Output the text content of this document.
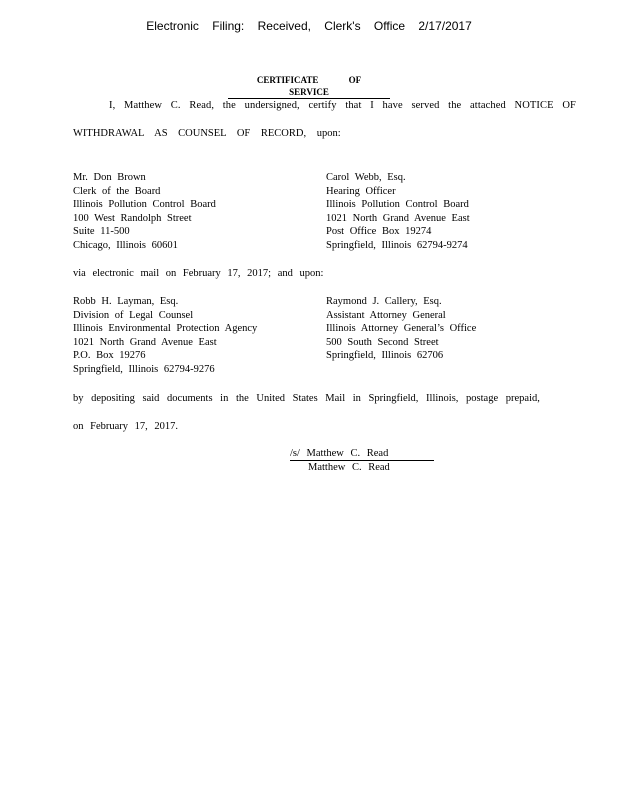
Electronic Filing: Received, Clerk's Office 2/17/2017
CERTIFICATE OF SERVICE
I, Matthew C. Read, the undersigned, certify that I have served the attached NOTICE OF
WITHDRAWAL AS COUNSEL OF RECORD, upon:
Mr. Don Brown
Clerk of the Board
Illinois Pollution Control Board
100 West Randolph Street
Suite 11-500
Chicago, Illinois 60601
Carol Webb, Esq.
Hearing Officer
Illinois Pollution Control Board
1021 North Grand Avenue East
Post Office Box 19274
Springfield, Illinois 62794-9274
via electronic mail on February 17, 2017; and upon:
Robb H. Layman, Esq.
Division of Legal Counsel
Illinois Environmental Protection Agency
1021 North Grand Avenue East
P.O. Box 19276
Springfield, Illinois 62794-9276
Raymond J. Callery, Esq.
Assistant Attorney General
Illinois Attorney General’s Office
500 South Second Street
Springfield, Illinois 62706
by depositing said documents in the United States Mail in Springfield, Illinois, postage prepaid,
on February 17, 2017.
/s/ Matthew C. Read
Matthew C. Read
